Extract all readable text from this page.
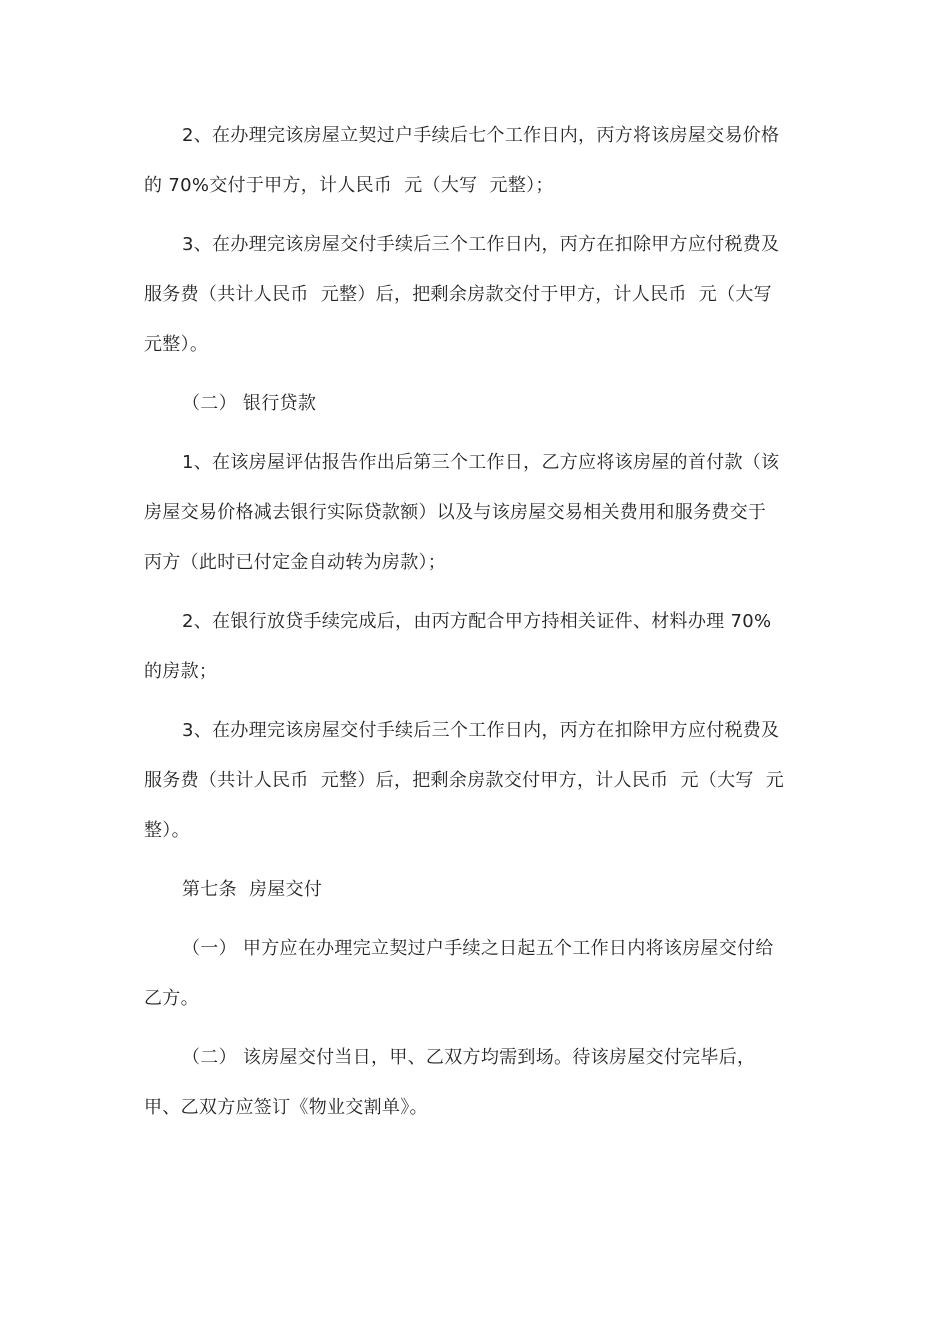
2、在办理完该房屋立契过户手续后七个工作日内，丙方将该房屋交易价格
的 70%交付于甲方，计人民币  元（大写  元整）；
3、在办理完该房屋交付手续后三个工作日内，丙方在扣除甲方应付税费及
服务费（共计人民币  元整）后，把剩余房款交付于甲方，计人民币  元（大写
元整）。
（二） 银行贷款
1、在该房屋评估报告作出后第三个工作日，乙方应将该房屋的首付款（该
房屋交易价格减去银行实际贷款额）以及与该房屋交易相关费用和服务费交于
丙方（此时已付定金自动转为房款）；
2、在银行放贷手续完成后，由丙方配合甲方持相关证件、材料办理 70%
的房款；
3、在办理完该房屋交付手续后三个工作日内，丙方在扣除甲方应付税费及
服务费（共计人民币  元整）后，把剩余房款交付甲方，计人民币  元（大写  元
整）。
第七条  房屋交付
（一） 甲方应在办理完立契过户手续之日起五个工作日内将该房屋交付给
乙方。
（二） 该房屋交付当日，甲、乙双方均需到场。待该房屋交付完毕后，
甲、乙双方应签订《物业交割单》。
